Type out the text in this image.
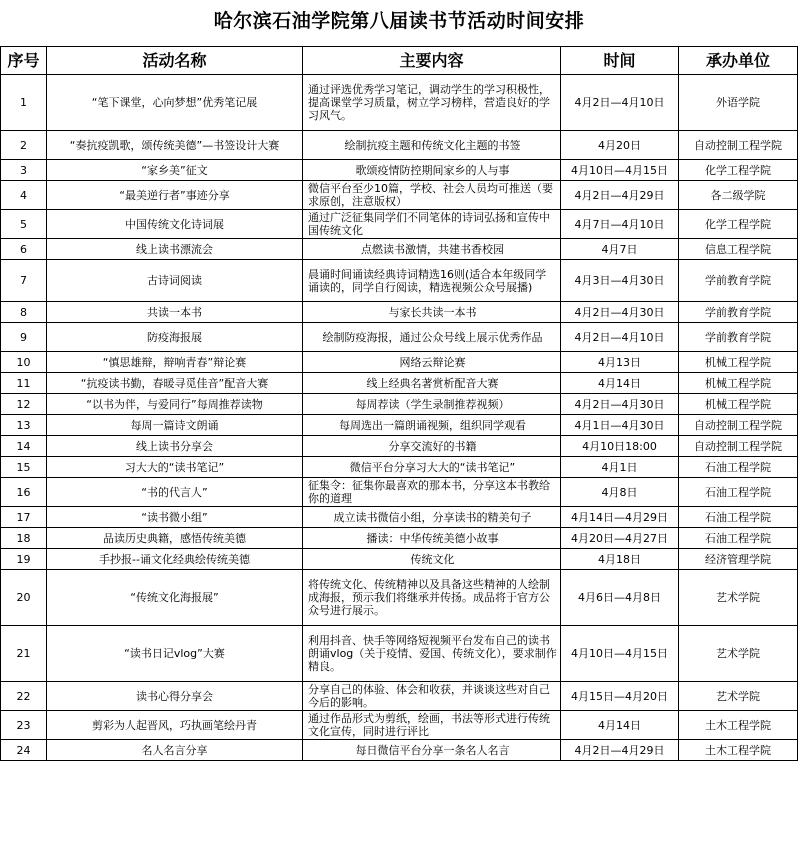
哈尔滨石油学院第八届读书节活动时间安排
序号	活动名称	主要内容	时间	承办单位
1	“笔下课堂，心向梦想”优秀笔记展	通过评选优秀学习笔记，调动学生的学习积极性，提高课堂学习质量，树立学习榜样，营造良好的学习风气。	4月2日—4月10日	外语学院
2	“奏抗疫凯歌，颂传统美德”—书签设计大赛	绘制抗疫主题和传统文化主题的书签	4月20日	自动控制工程学院
3	“家乡美”征文	歌颂疫情防控期间家乡的人与事	4月10日—4月15日	化学工程学院
4	“最美逆行者”事迹分享	微信平台至少10篇，学校、社会人员均可推送（要求原创，注意版权）	4月2日—4月29日	各二级学院
5	中国传统文化诗词展	通过广泛征集同学们不同笔体的诗词弘扬和宣传中国传统文化	4月7日—4月10日	化学工程学院
6	线上读书漂流会	点燃读书激情，共建书香校园	4月7日	信息工程学院
7	古诗词阅读	晨诵时间诵读经典诗词精选16则(适合本年级同学诵读的，同学自行阅读，精选视频公众号展播)	4月3日—4月30日	学前教育学院
8	共读一本书	与家长共读一本书	4月2日—4月30日	学前教育学院
9	防疫海报展	绘制防疫海报，通过公众号线上展示优秀作品	4月2日—4月10日	学前教育学院
10	“慎思雄辩，辩响青春”辩论赛	网络云辩论赛	4月13日	机械工程学院
11	“抗疫读书勤，春暖寻觅佳音”配音大赛	线上经典名著赏析配音大赛	4月14日	机械工程学院
12	“以书为伴，与爱同行”每周推荐读物	每周荐读（学生录制推荐视频）	4月2日—4月30日	机械工程学院
13	每周一篇诗文朗诵	每周选出一篇朗诵视频，组织同学观看	4月1日—4月30日	自动控制工程学院
14	线上读书分享会	分享交流好的书籍	4月10日18:00	自动控制工程学院
15	习大大的“读书笔记”	微信平台分享习大大的“读书笔记”	4月1日	石油工程学院
16	“书的代言人”	征集令：征集你最喜欢的那本书，分享这本书教给你的道理	4月8日	石油工程学院
17	“读书微小组”	成立读书微信小组，分享读书的精美句子	4月14日—4月29日	石油工程学院
18	品读历史典籍，感悟传统美德	播读：中华传统美德小故事	4月20日—4月27日	石油工程学院
19	手抄报--诵文化经典绘传统美德	传统文化	4月18日	经济管理学院
20	“传统文化海报展”	将传统文化、传统精神以及具备这些精神的人绘制成海报，预示我们将继承并传扬。成品将于官方公众号进行展示。	4月6日—4月8日	艺术学院
21	“读书日记vlog”大赛	利用抖音、快手等网络短视频平台发布自己的读书朗诵vlog（关于疫情、爱国、传统文化），要求制作精良。	4月10日—4月15日	艺术学院
22	读书心得分享会	分享自己的体验、体会和收获，并谈谈这些对自己今后的影响。	4月15日—4月20日	艺术学院
23	剪彩为人起晋风，巧执画笔绘丹青	通过作品形式为剪纸，绘画，书法等形式进行传统文化宣传，同时进行评比	4月14日	土木工程学院
24	名人名言分享	每日微信平台分享一条名人名言	4月2日—4月29日	土木工程学院
